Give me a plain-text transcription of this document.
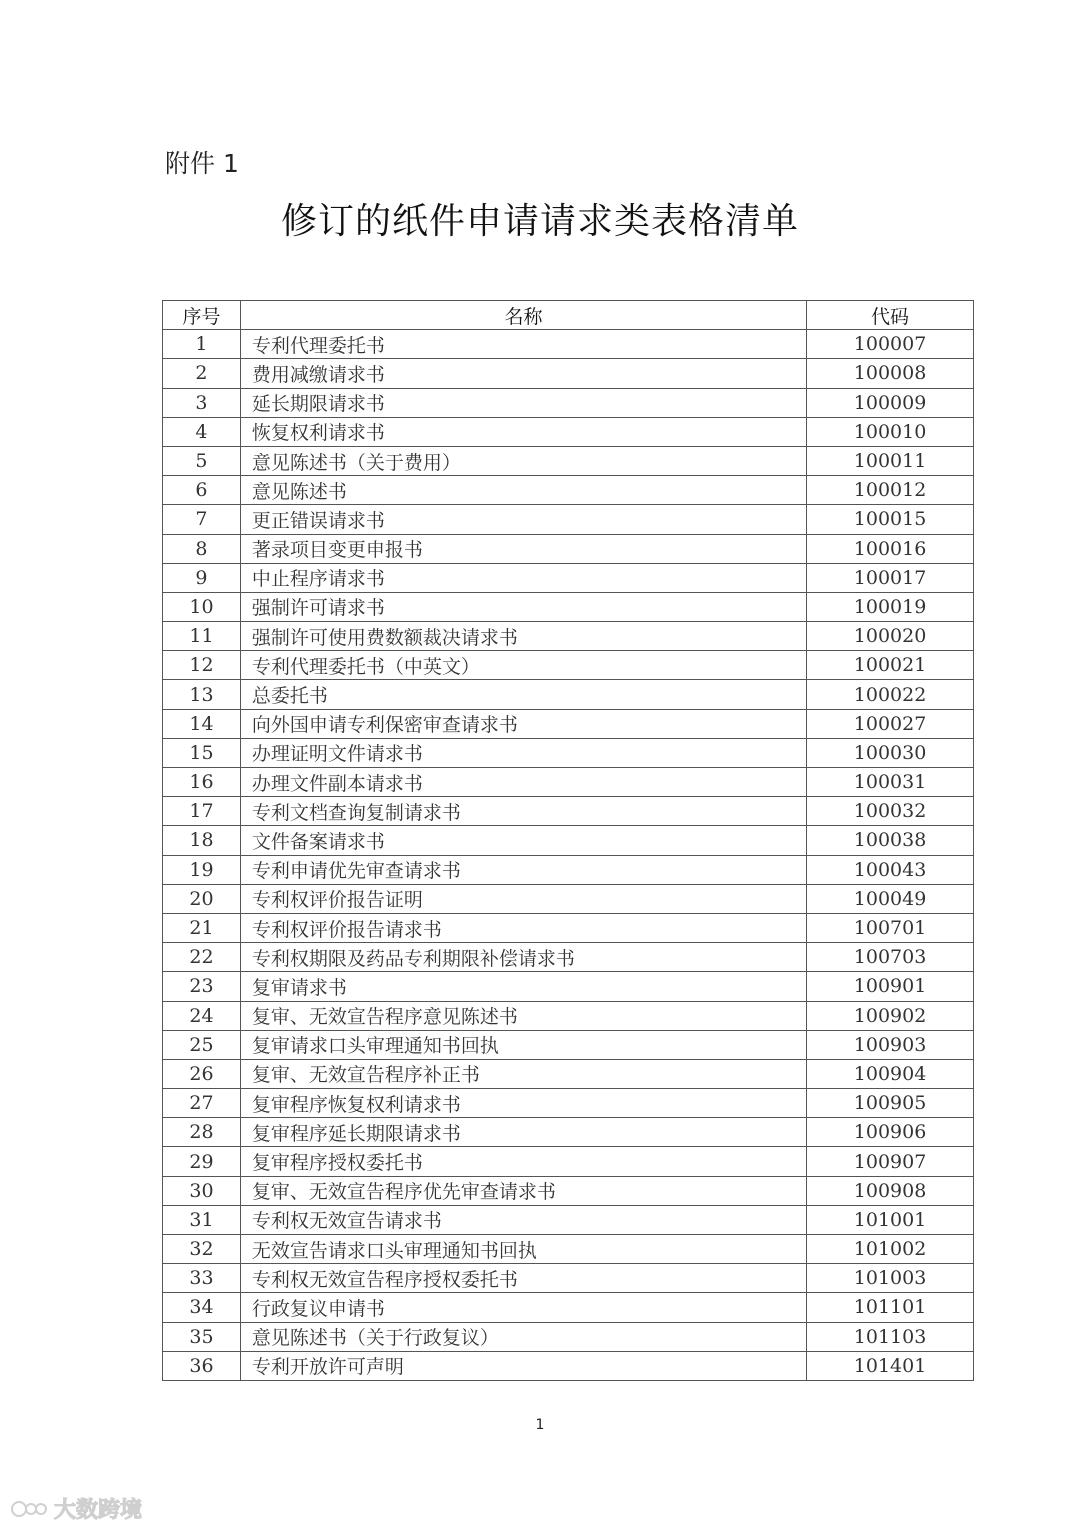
附件 1
修订的纸件申请请求类表格清单
序号	名称	代码
1	专利代理委托书	100007
2	费用减缴请求书	100008
3	延长期限请求书	100009
4	恢复权利请求书	100010
5	意见陈述书（关于费用）	100011
6	意见陈述书	100012
7	更正错误请求书	100015
8	著录项目变更申报书	100016
9	中止程序请求书	100017
10	强制许可请求书	100019
11	强制许可使用费数额裁决请求书	100020
12	专利代理委托书（中英文）	100021
13	总委托书	100022
14	向外国申请专利保密审查请求书	100027
15	办理证明文件请求书	100030
16	办理文件副本请求书	100031
17	专利文档查询复制请求书	100032
18	文件备案请求书	100038
19	专利申请优先审查请求书	100043
20	专利权评价报告证明	100049
21	专利权评价报告请求书	100701
22	专利权期限及药品专利期限补偿请求书	100703
23	复审请求书	100901
24	复审、无效宣告程序意见陈述书	100902
25	复审请求口头审理通知书回执	100903
26	复审、无效宣告程序补正书	100904
27	复审程序恢复权利请求书	100905
28	复审程序延长期限请求书	100906
29	复审程序授权委托书	100907
30	复审、无效宣告程序优先审查请求书	100908
31	专利权无效宣告请求书	101001
32	无效宣告请求口头审理通知书回执	101002
33	专利权无效宣告程序授权委托书	101003
34	行政复议申请书	101101
35	意见陈述书（关于行政复议）	101103
36	专利开放许可声明	101401
1
大数跨境
